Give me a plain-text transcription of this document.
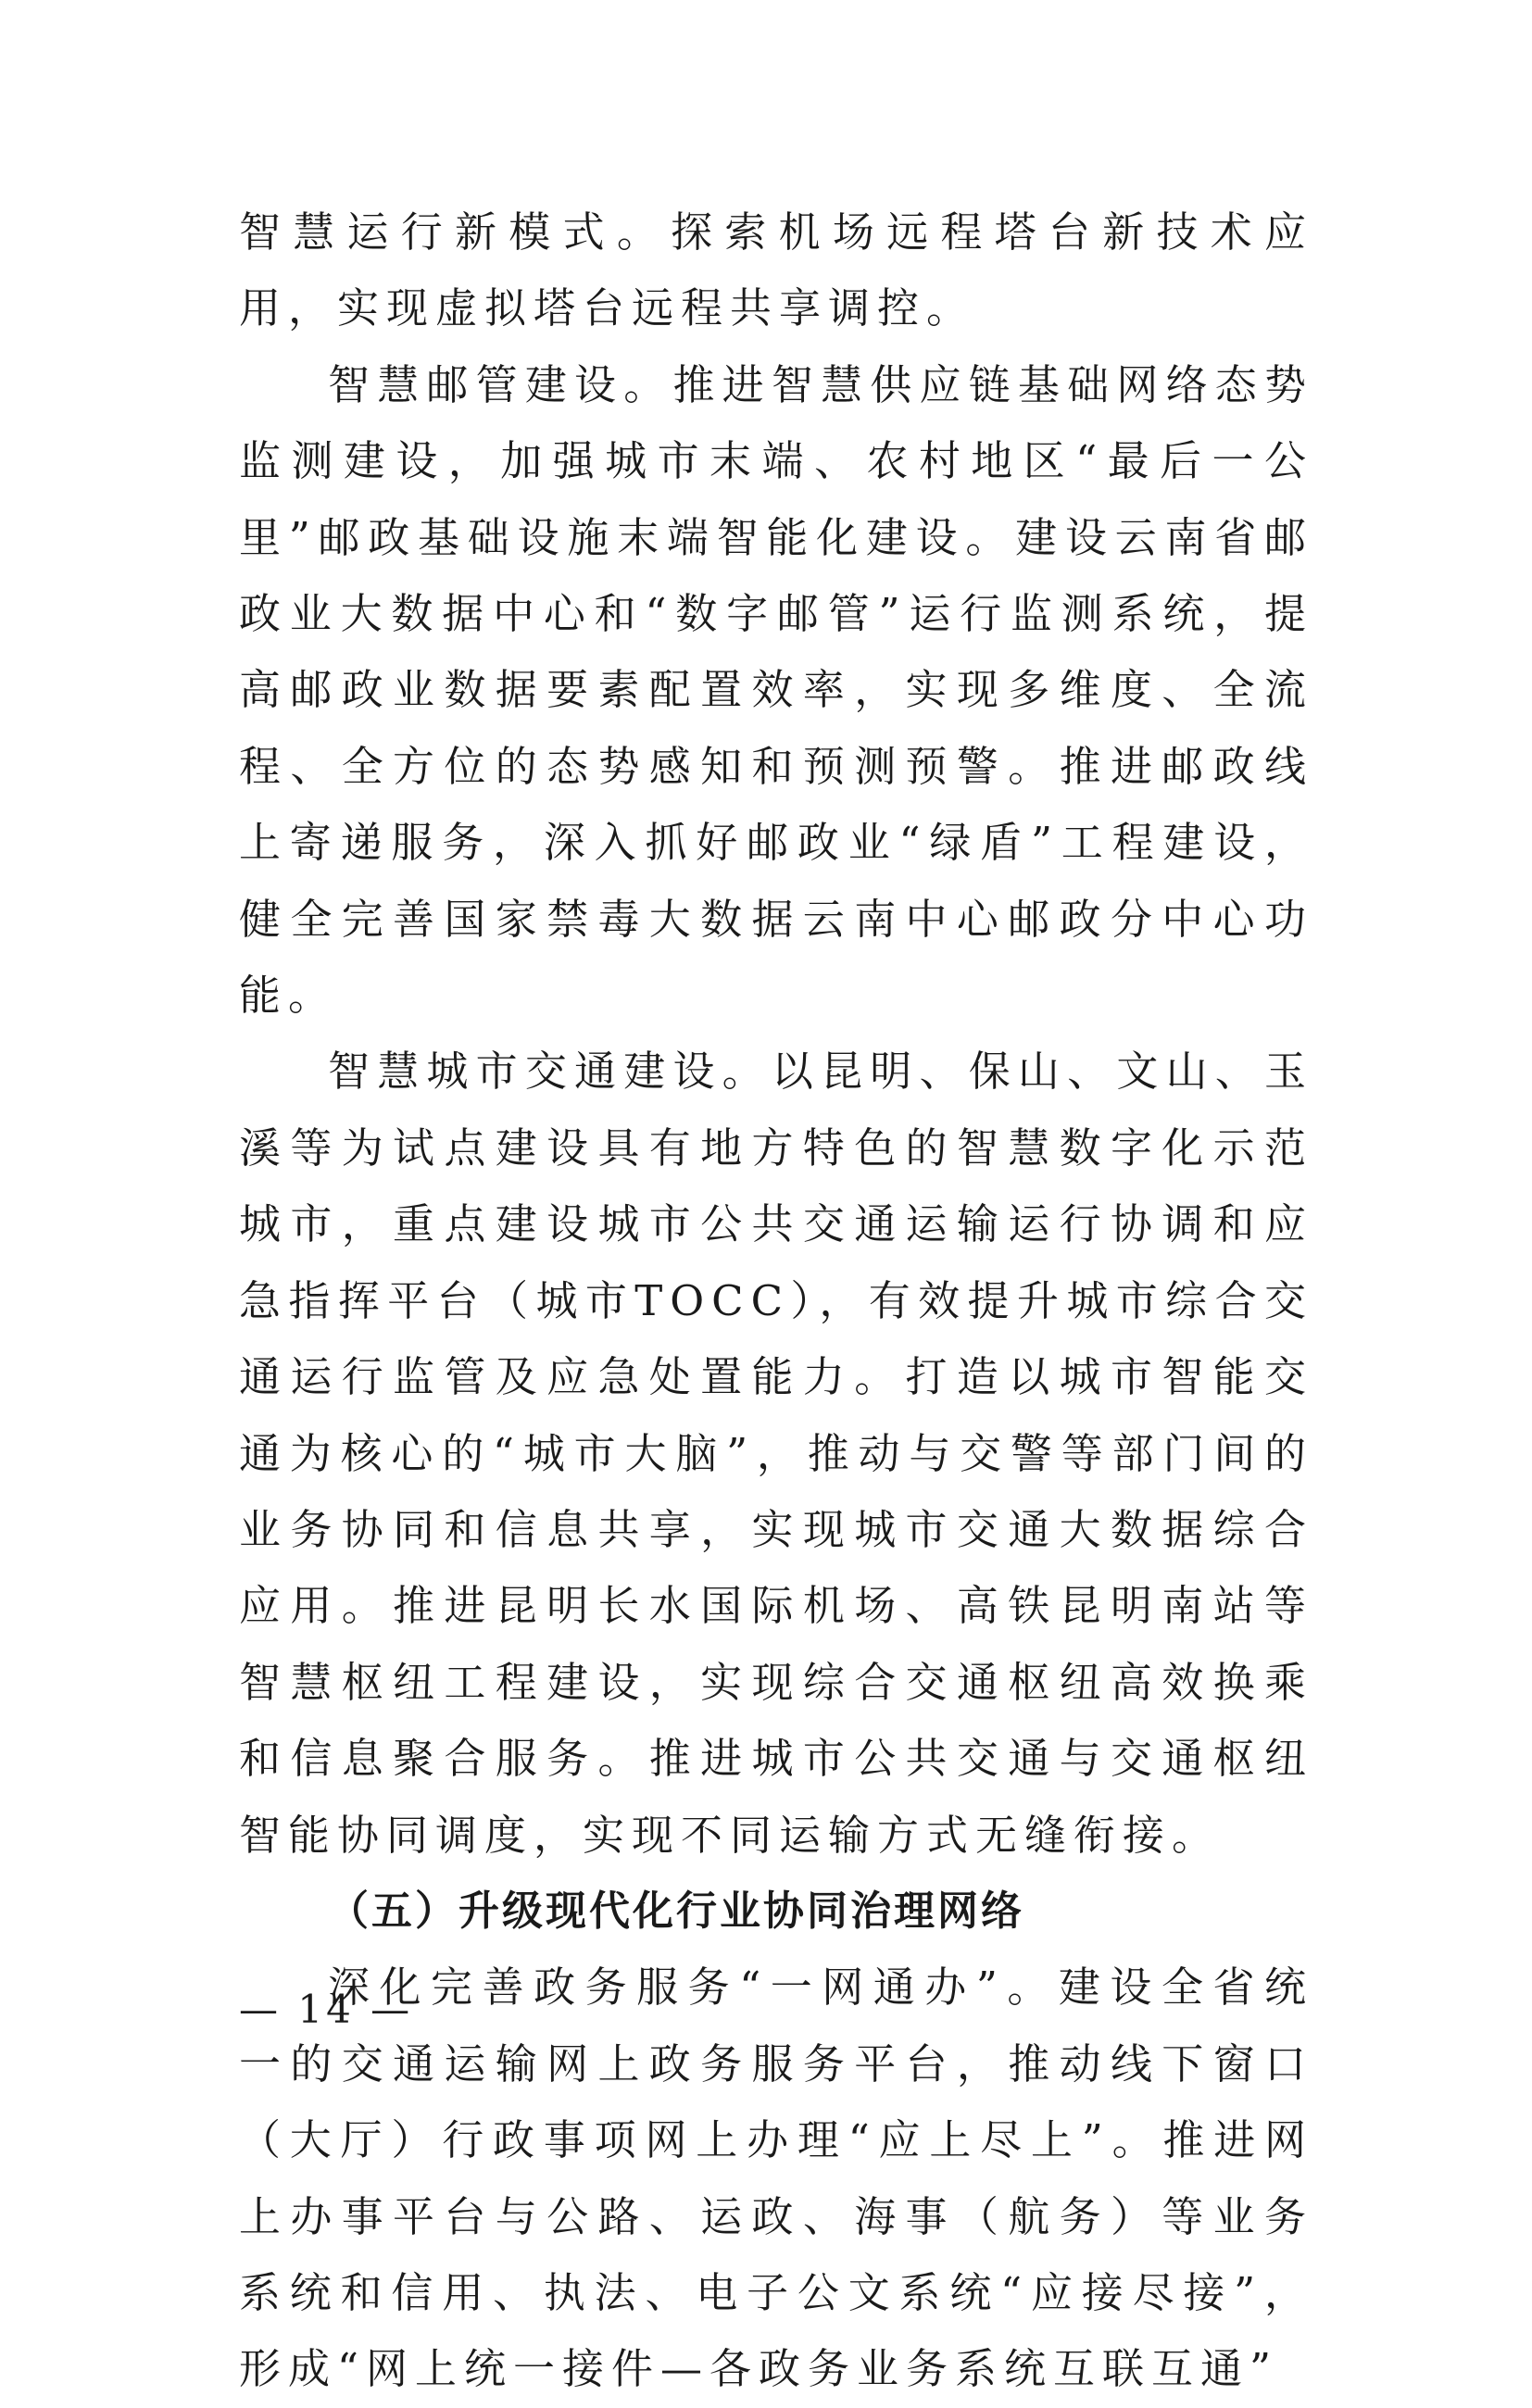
智慧运行新模式。探索机场远程塔台新技术应用，实现虚拟塔台远程共享调控。

智慧邮管建设。推进智慧供应链基础网络态势监测建设，加强城市末端、农村地区“最后一公里”邮政基础设施末端智能化建设。建设云南省邮政业大数据中心和“数字邮管”运行监测系统，提高邮政业数据要素配置效率，实现多维度、全流程、全方位的态势感知和预测预警。推进邮政线上寄递服务，深入抓好邮政业“绿盾”工程建设，健全完善国家禁毒大数据云南中心邮政分中心功能。

智慧城市交通建设。以昆明、保山、文山、玉溪等为试点建设具有地方特色的智慧数字化示范城市，重点建设城市公共交通运输运行协调和应急指挥平台（城市TOCC），有效提升城市综合交通运行监管及应急处置能力。打造以城市智能交通为核心的“城市大脑”，推动与交警等部门间的业务协同和信息共享，实现城市交通大数据综合应用。推进昆明长水国际机场、高铁昆明南站等智慧枢纽工程建设，实现综合交通枢纽高效换乘和信息聚合服务。推进城市公共交通与交通枢纽智能协同调度，实现不同运输方式无缝衔接。

（五）升级现代化行业协同治理网络

深化完善政务服务“一网通办”。建设全省统一的交通运输网上政务服务平台，推动线下窗口（大厅）行政事项网上办理“应上尽上”。推进网上办事平台与公路、运政、海事（航务）等业务系统和信用、执法、电子公文系统“应接尽接”，形成“网上统一接件—各政务业务系统互联互通”

— 14 —
